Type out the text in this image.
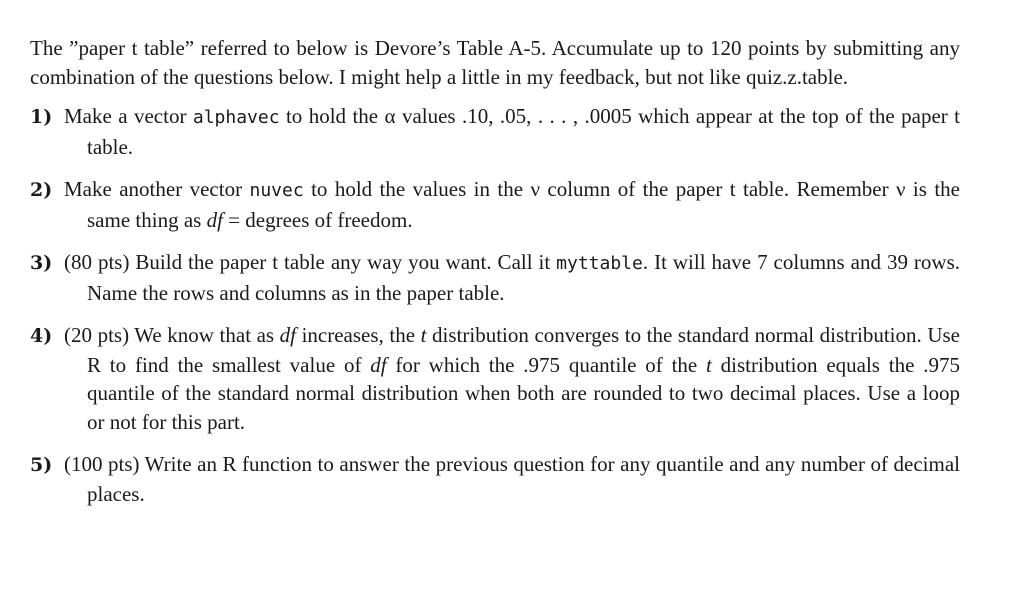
The ”paper t table” referred to below is Devore’s Table A-5. Accumulate up to 120 points by submitting any combination of the questions below. I might help a little in my feedback, but not like quiz.z.table.

1) Make a vector alphavec to hold the α values .10, .05, . . . , .0005 which appear at the top of the paper t table.

2) Make another vector nuvec to hold the values in the ν column of the paper t table. Remember ν is the same thing as df = degrees of freedom.

3) (80 pts) Build the paper t table any way you want. Call it myttable. It will have 7 columns and 39 rows. Name the rows and columns as in the paper table.

4) (20 pts) We know that as df increases, the t distribution converges to the standard normal distribution. Use R to find the smallest value of df for which the .975 quantile of the t distribution equals the .975 quantile of the standard normal distribution when both are rounded to two decimal places. Use a loop or not for this part.

5) (100 pts) Write an R function to answer the previous question for any quantile and any number of decimal places.
